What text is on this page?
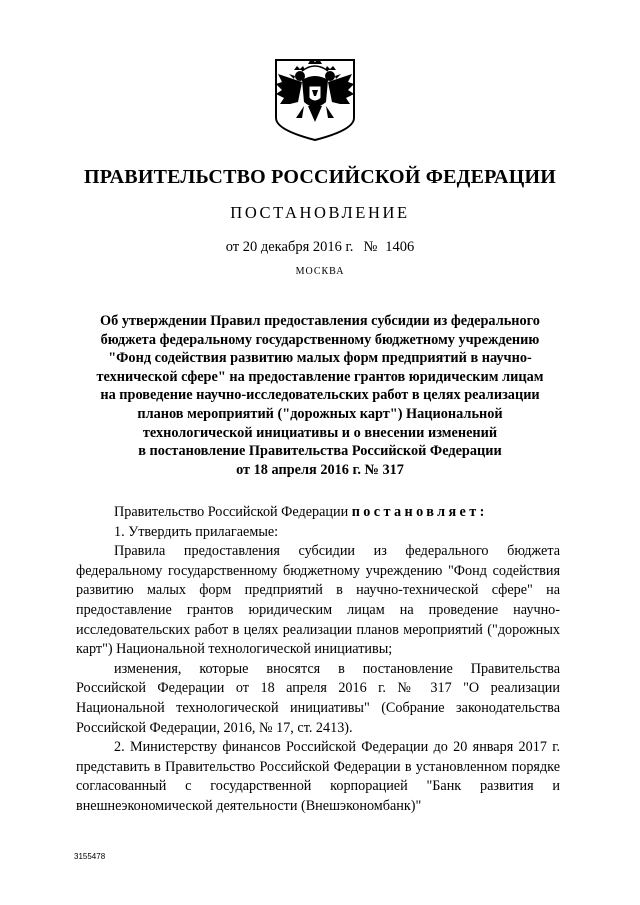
ПРАВИТЕЛЬСТВО РОССИЙСКОЙ ФЕДЕРАЦИИ
ПОСТАНОВЛЕНИЕ
от 20 декабря 2016 г. № 1406
МОСКВА
Об утверждении Правил предоставления субсидии из федерального
бюджета федеральному государственному бюджетному учреждению
"Фонд содействия развитию малых форм предприятий в научно-
технической сфере" на предоставление грантов юридическим лицам
на проведение научно-исследовательских работ в целях реализации
планов мероприятий ("дорожных карт") Национальной
технологической инициативы и о внесении изменений
в постановление Правительства Российской Федерации
от 18 апреля 2016 г. № 317

Правительство Российской Федерации постановляет:

1. Утвердить прилагаемые:

Правила предоставления субсидии из федерального бюджета федеральному государственному бюджетному учреждению "Фонд содействия развитию малых форм предприятий в научно-технической сфере" на предоставление грантов юридическим лицам на проведение научно-исследовательских работ в целях реализации планов мероприятий ("дорожных карт") Национальной технологической инициативы;

изменения, которые вносятся в постановление Правительства Российской Федерации от 18 апреля 2016 г. № 317 "О реализации Национальной технологической инициативы" (Собрание законодательства Российской Федерации, 2016, № 17, ст. 2413).

2. Министерству финансов Российской Федерации до 20 января 2017 г. представить в Правительство Российской Федерации в установленном порядке согласованный с государственной корпорацией "Банк развития и внешнеэкономической деятельности (Внешэкономбанк)"

3155478
